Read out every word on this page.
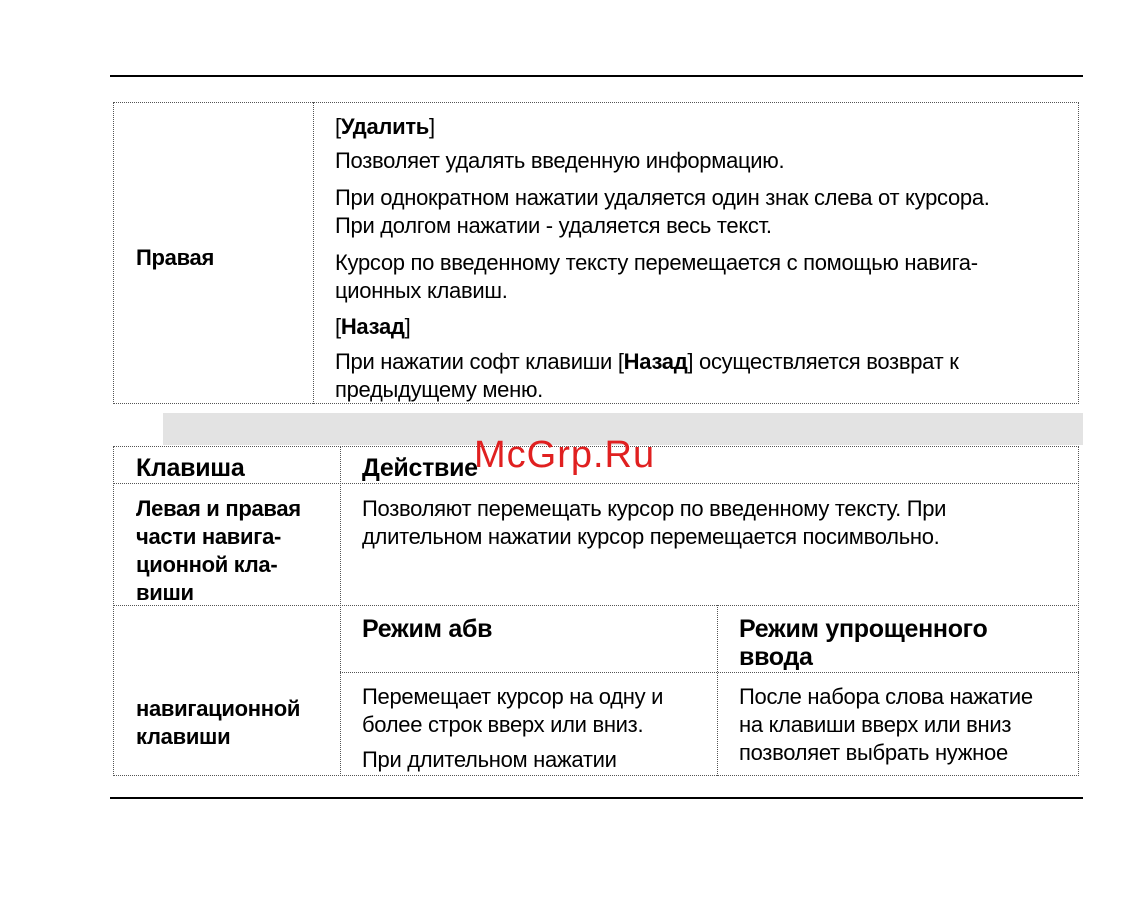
Правая
[Удалить]
Позволяет удалять введенную информацию.
При однократном нажатии удаляется один знак слева от курсора.
При долгом нажатии - удаляется весь текст.
Курсор по введенному тексту перемещается с помощью навига-
ционных клавиш.
[Назад]
При нажатии софт клавиши [Назад] осуществляется возврат к
предыдущему меню.
Клавиша	Действие
Левая и правая
части навига-
ционной кла-
виши
Позволяют перемещать курсор по введенному тексту. При
длительном нажатии курсор перемещается посимвольно.
навигационной
клавиши
Режим абв	Режим упрощенного
ввода
Перемещает курсор на одну и
более строк вверх или вниз.
При длительном нажатии
После набора слова нажатие
на клавиши вверх или вниз
позволяет выбрать нужное
McGrp.Ru
